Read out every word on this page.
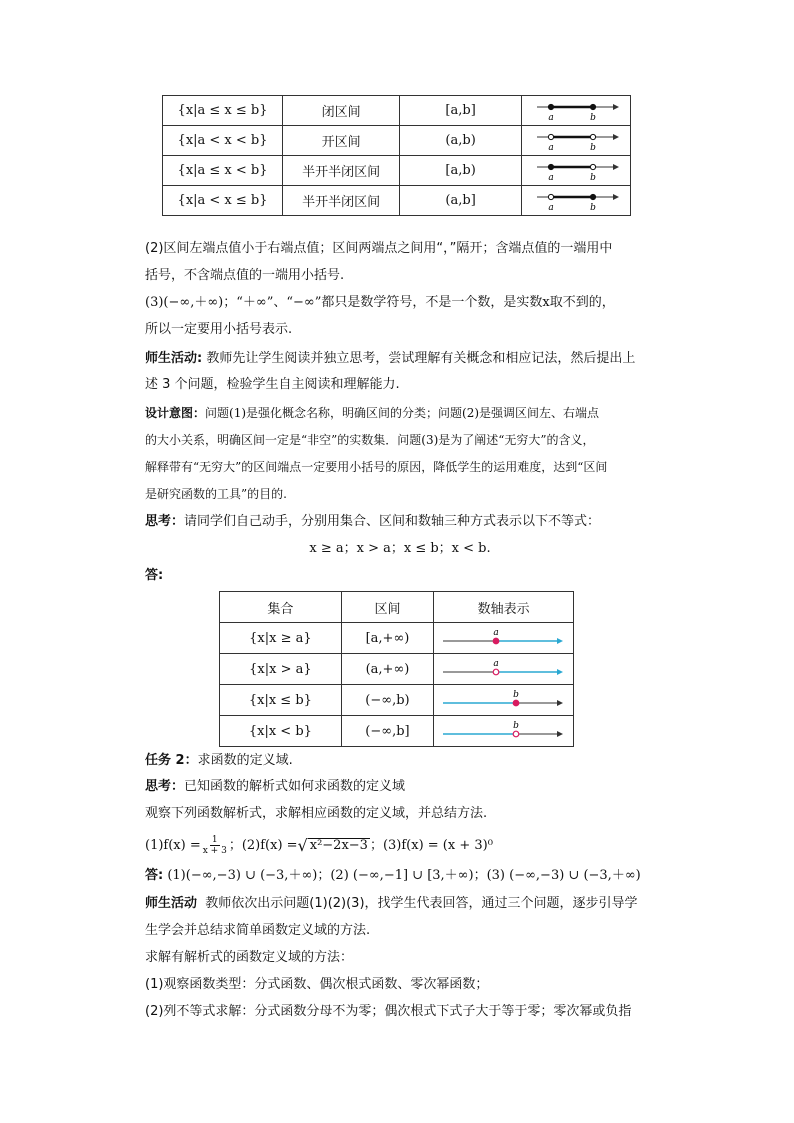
{x|a ≤ x ≤ b}	闭区间	[a,b]	a b

{x|a < x < b}	开区间	(a,b)	a b

{x|a ≤ x < b}	半开半闭区间	[a,b)	a b

{x|a < x ≤ b}	半开半闭区间	(a,b]	a b

(2)区间左端点值小于右端点值；区间两端点之间用“，”隔开；含端点值的一端用中

括号，不含端点值的一端用小括号.

(3)(−∞,＋∞)；“＋∞”、“−∞”都只是数学符号，不是一个数，是实数x取不到的，

所以一定要用小括号表示.

师生活动: 教师先让学生阅读并独立思考，尝试理解有关概念和相应记法，然后提出上

述 3 个问题，检验学生自主阅读和理解能力.

设计意图：问题(1)是强化概念名称，明确区间的分类；问题(2)是强调区间左、右端点

的大小关系，明确区间一定是“非空”的实数集．问题(3)是为了阐述“无穷大”的含义，

解释带有“无穷大”的区间端点一定要用小括号的原因，降低学生的运用难度，达到“区间

是研究函数的工具”的目的.

思考：请同学们自己动手，分别用集合、区间和数轴三种方式表示以下不等式：

x ≥ a；x > a；x ≤ b；x < b.

答:

集合	区间	数轴表示
{x|x ≥ a}	[a,+∞)	a

{x|x > a}	(a,+∞)	a

{x|x ≤ b}	(−∞,b)	b

{x|x < b}	(−∞,b]	b

任务 2：求函数的定义域.

思考：已知函数的解析式如何求函数的定义域

观察下列函数解析式，求解相应函数的定义域，并总结方法.

$(1)f(x) = \frac{1}{x + 3}$ ；(2)f(x) = √ x²−2x−3 ；(3)f(x) = (x + 3)⁰

答: (1)(−∞,−3) ∪ (−3,＋∞)；(2) (−∞,−1] ∪ [3,＋∞)；(3) (−∞,−3) ∪ (−3,＋∞)

师生活动 教师依次出示问题(1)(2)(3)，找学生代表回答，通过三个问题，逐步引导学

生学会并总结求简单函数定义域的方法.

求解有解析式的函数定义域的方法：

(1)观察函数类型：分式函数、偶次根式函数、零次幂函数；

(2)列不等式求解：分式函数分母不为零；偶次根式下式子大于等于零；零次幂或负指
